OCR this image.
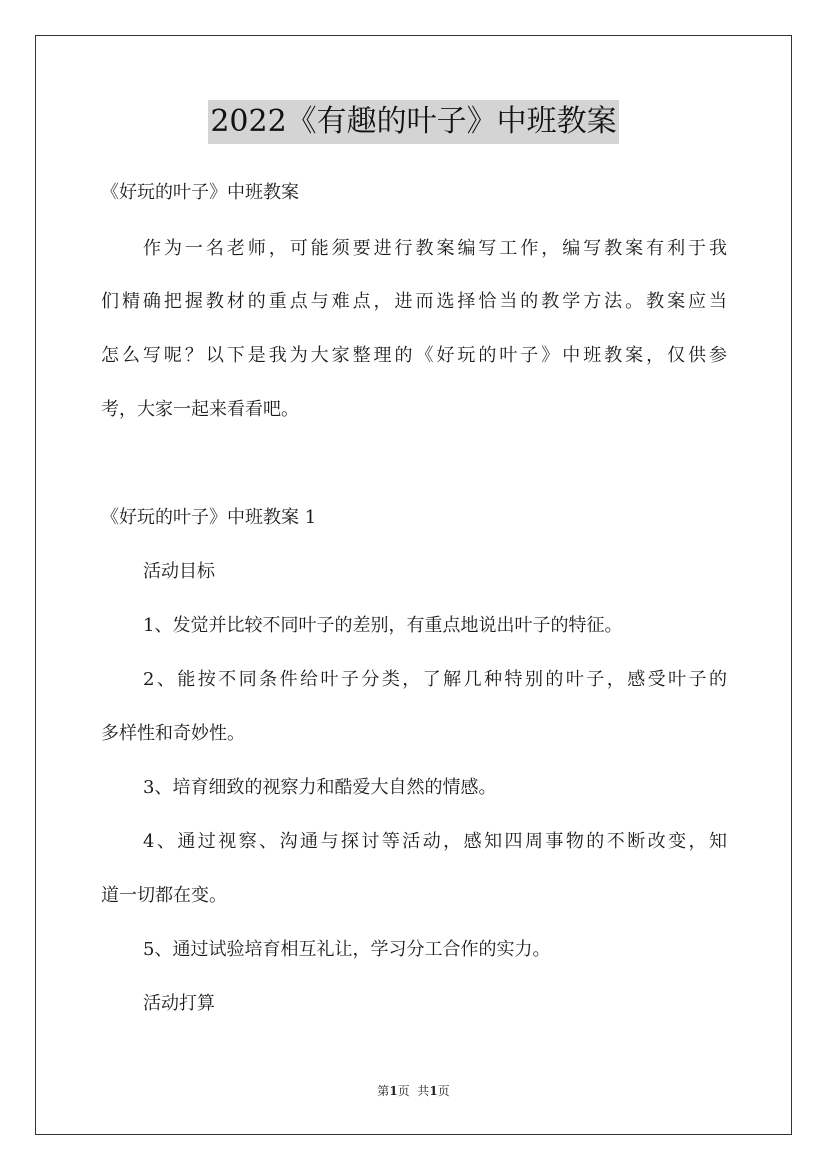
2022《有趣的叶子》中班教案
《好玩的叶子》中班教案
作为一名老师，可能须要进行教案编写工作，编写教案有利于我
们精确把握教材的重点与难点，进而选择恰当的教学方法。教案应当
怎么写呢？以下是我为大家整理的《好玩的叶子》中班教案，仅供参
考，大家一起来看看吧。
《好玩的叶子》中班教案 1
活动目标
1、发觉并比较不同叶子的差别，有重点地说出叶子的特征。
2、能按不同条件给叶子分类，了解几种特别的叶子，感受叶子的
多样性和奇妙性。
3、培育细致的视察力和酷爱大自然的情感。
4、通过视察、沟通与探讨等活动，感知四周事物的不断改变，知
道一切都在变。
5、通过试验培育相互礼让，学习分工合作的实力。
活动打算
第1页  共1页
